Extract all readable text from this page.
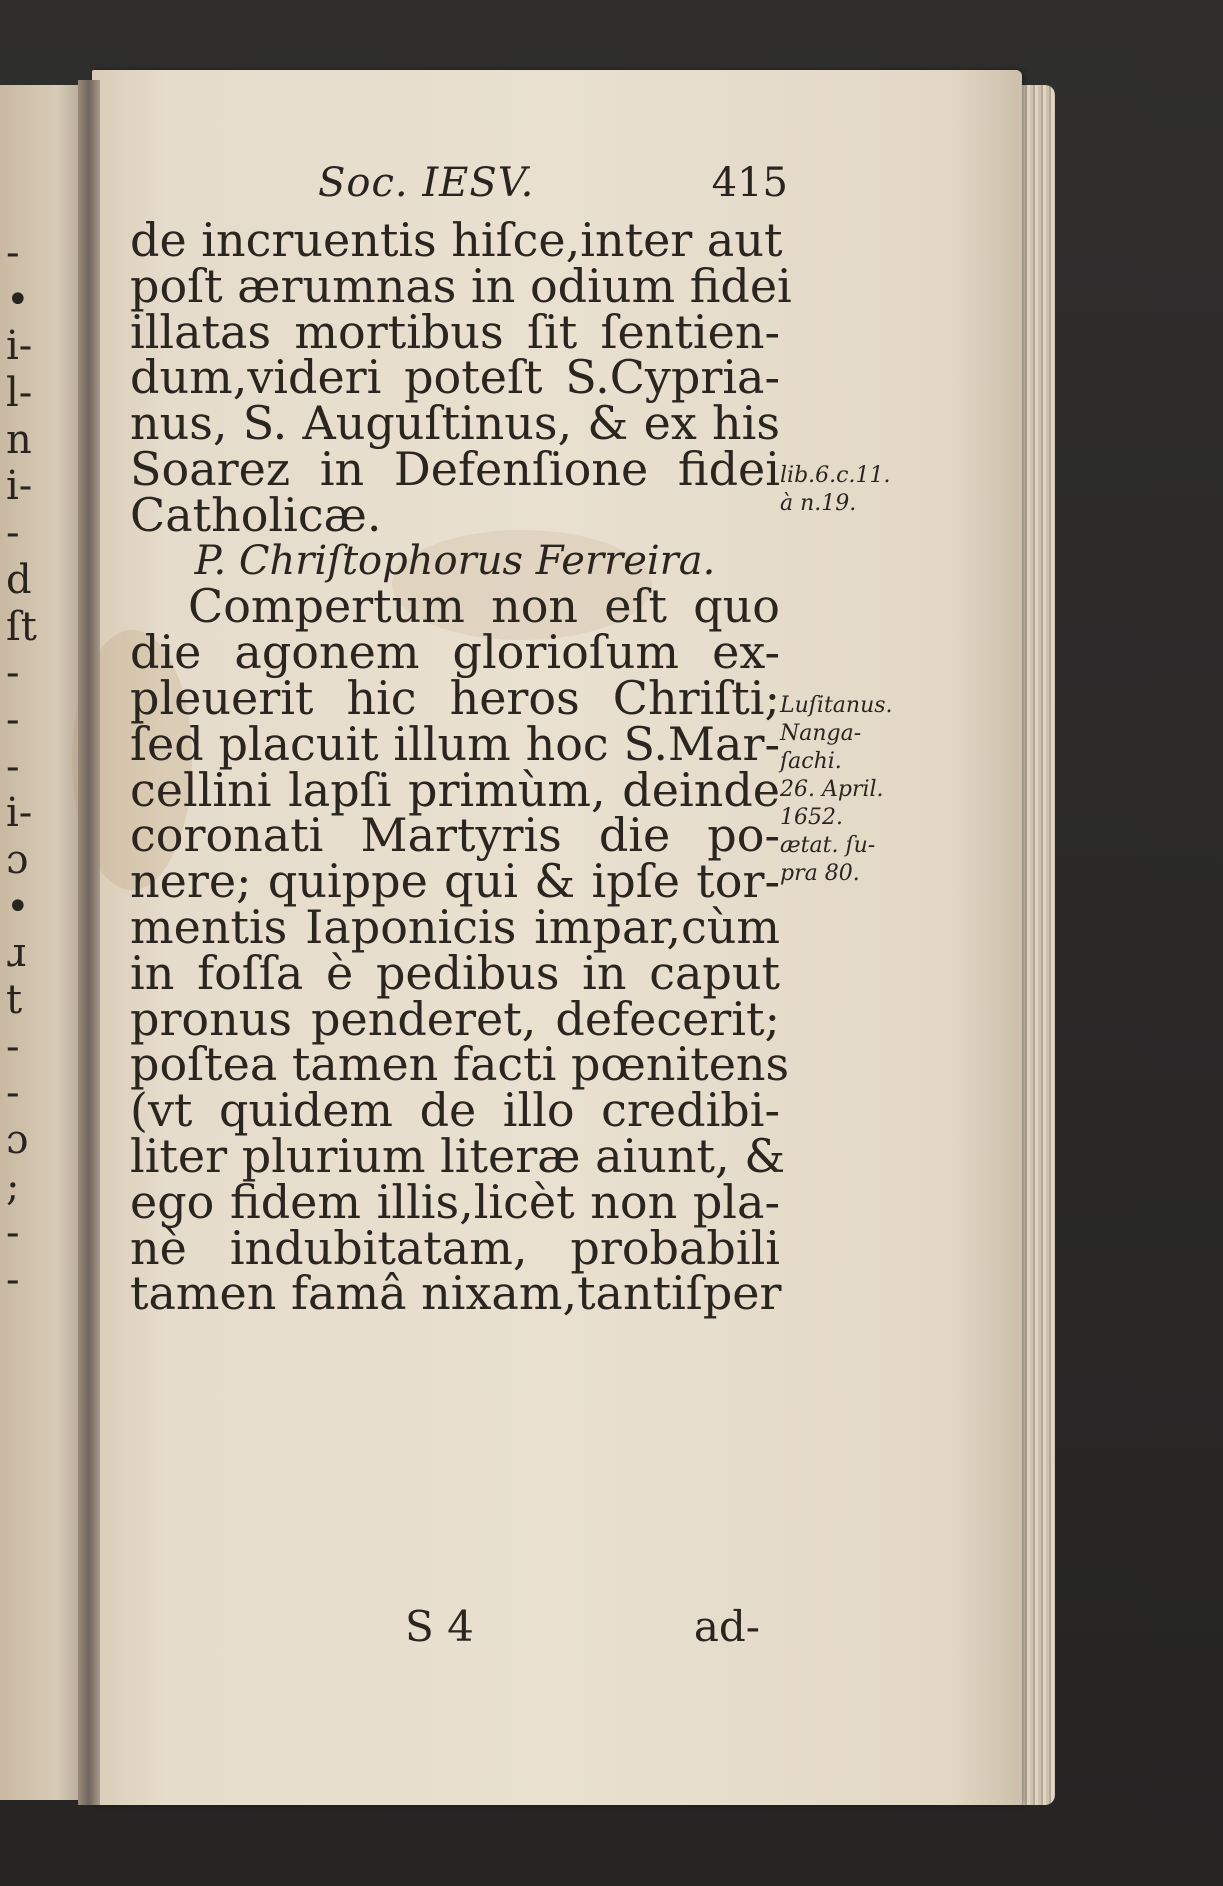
-
•
i-
l-
n
i-
-
d
ſt
-
-
-
i-
ɔ
•
ɹ
t
-
-
ɔ
;
-
-
Soc. IESV.	415
de incruentis hiſce,inter aut
poſt ærumnas in odium fidei
illatas mortibus ſit ſentien-
dum,videri poteſt S.Cypria-
nus, S. Auguſtinus, & ex his
Soarez in Defenſione fidei
Catholicæ.
P. Chriſtophorus Ferreira.
Compertum non eſt quo
die agonem glorioſum ex-
pleuerit hic heros Chriſti;
ſed placuit illum hoc S.Mar-
cellini lapſi primùm, deinde
coronati Martyris die po-
nere; quippe qui & ipſe tor-
mentis Iaponicis impar,cùm
in foſſa è pedibus in caput
pronus penderet, defecerit;
poſtea tamen facti pœnitens
(vt quidem de illo credibi-
liter plurium literæ aiunt, &
ego fidem illis,licèt non pla-
nè indubitatam, probabili
tamen famâ nixam,tantiſper
S 4	ad-
lib.6.c.11.
à n.19.
Luſitanus.
Nanga-
ſachi.
26. April.
1652.
ætat. ſu-
pra 80.
